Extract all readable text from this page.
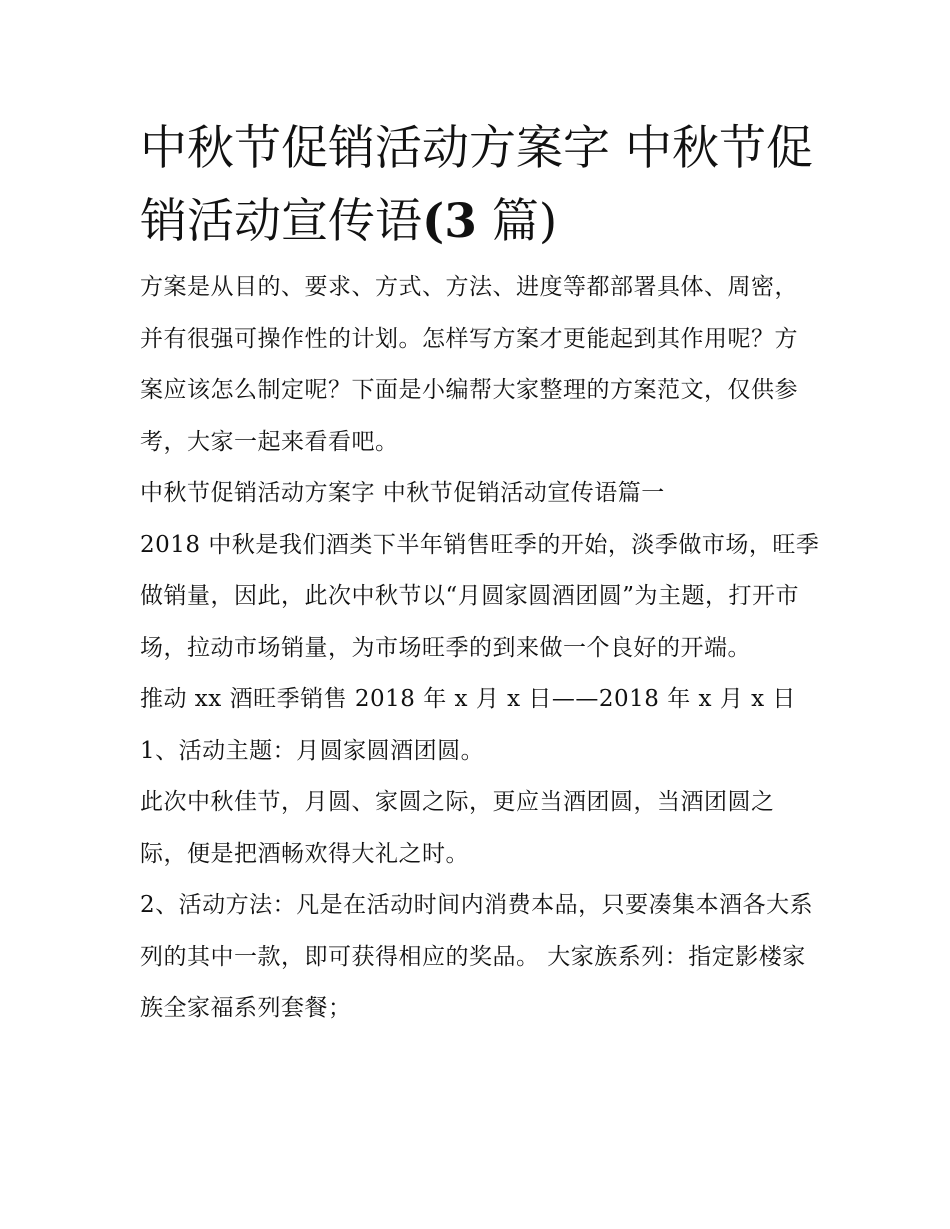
中秋节促销活动方案字 中秋节促销活动宣传语(3 篇)

方案是从目的、要求、方式、方法、进度等都部署具体、周密，并有很强可操作性的计划。怎样写方案才更能起到其作用呢？方案应该怎么制定呢？下面是小编帮大家整理的方案范文，仅供参考，大家一起来看看吧。

中秋节促销活动方案字 中秋节促销活动宣传语篇一

2018 中秋是我们酒类下半年销售旺季的开始，淡季做市场，旺季做销量，因此，此次中秋节以“月圆家圆酒团圆”为主题，打开市场，拉动市场销量，为市场旺季的到来做一个良好的开端。

推动 xx 酒旺季销售 2018 年 x 月 x 日——2018 年 x 月 x 日 1、活动主题：月圆家圆酒团圆。

此次中秋佳节，月圆、家圆之际，更应当酒团圆，当酒团圆之际，便是把酒畅欢得大礼之时。

2、活动方法：凡是在活动时间内消费本品，只要凑集本酒各大系列的其中一款，即可获得相应的奖品。 大家族系列：指定影楼家族全家福系列套餐；
